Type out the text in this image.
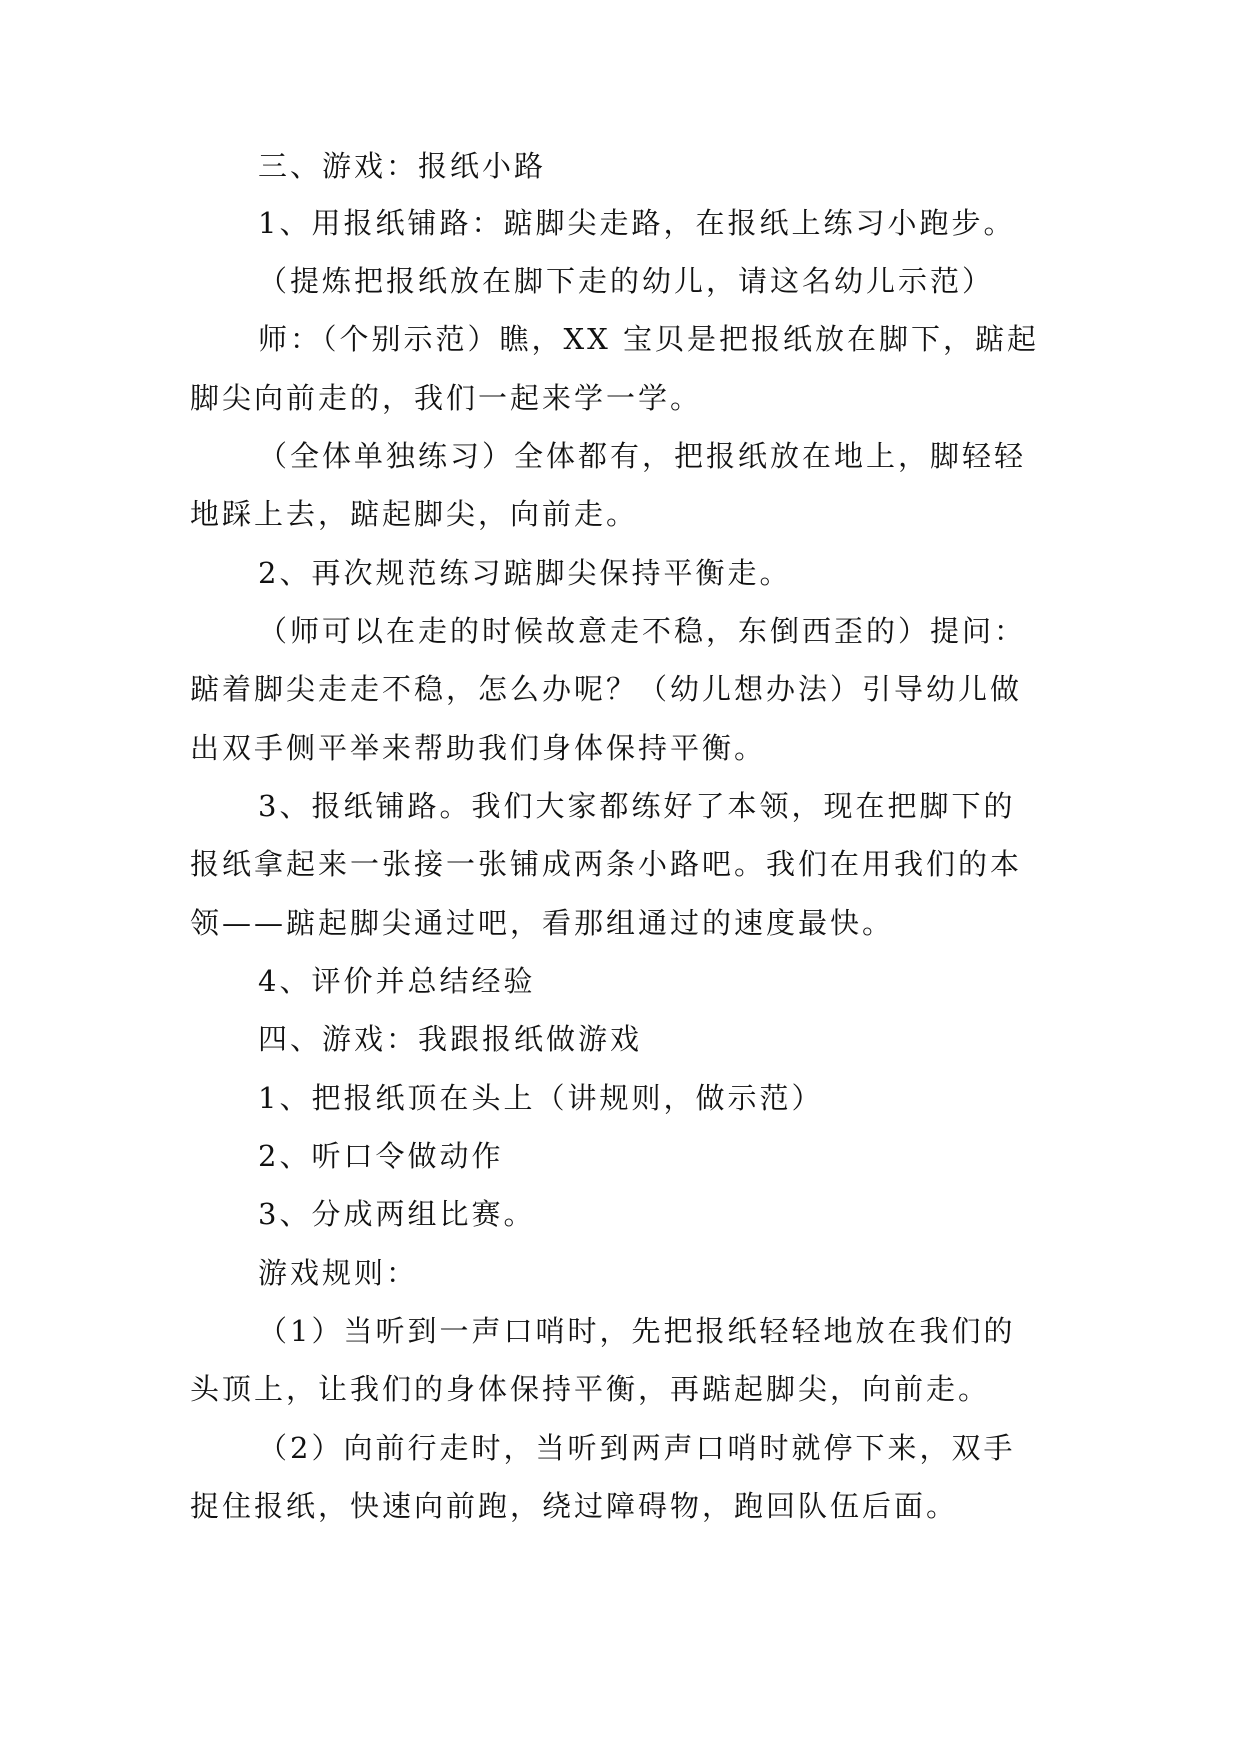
三、游戏：报纸小路
1、用报纸铺路：踮脚尖走路，在报纸上练习小跑步。
（提炼把报纸放在脚下走的幼儿，请这名幼儿示范）
师：（个别示范）瞧，XX 宝贝是把报纸放在脚下，踮起
脚尖向前走的，我们一起来学一学。
（全体单独练习）全体都有，把报纸放在地上，脚轻轻
地踩上去，踮起脚尖，向前走。
2、再次规范练习踮脚尖保持平衡走。
（师可以在走的时候故意走不稳，东倒西歪的）提问：
踮着脚尖走走不稳，怎么办呢？（幼儿想办法）引导幼儿做
出双手侧平举来帮助我们身体保持平衡。
3、报纸铺路。我们大家都练好了本领，现在把脚下的
报纸拿起来一张接一张铺成两条小路吧。我们在用我们的本
领——踮起脚尖通过吧，看那组通过的速度最快。
4、评价并总结经验
四、游戏：我跟报纸做游戏
1、把报纸顶在头上（讲规则，做示范）
2、听口令做动作
3、分成两组比赛。
游戏规则：
（1）当听到一声口哨时，先把报纸轻轻地放在我们的
头顶上，让我们的身体保持平衡，再踮起脚尖，向前走。
（2）向前行走时，当听到两声口哨时就停下来，双手
捉住报纸，快速向前跑，绕过障碍物，跑回队伍后面。
